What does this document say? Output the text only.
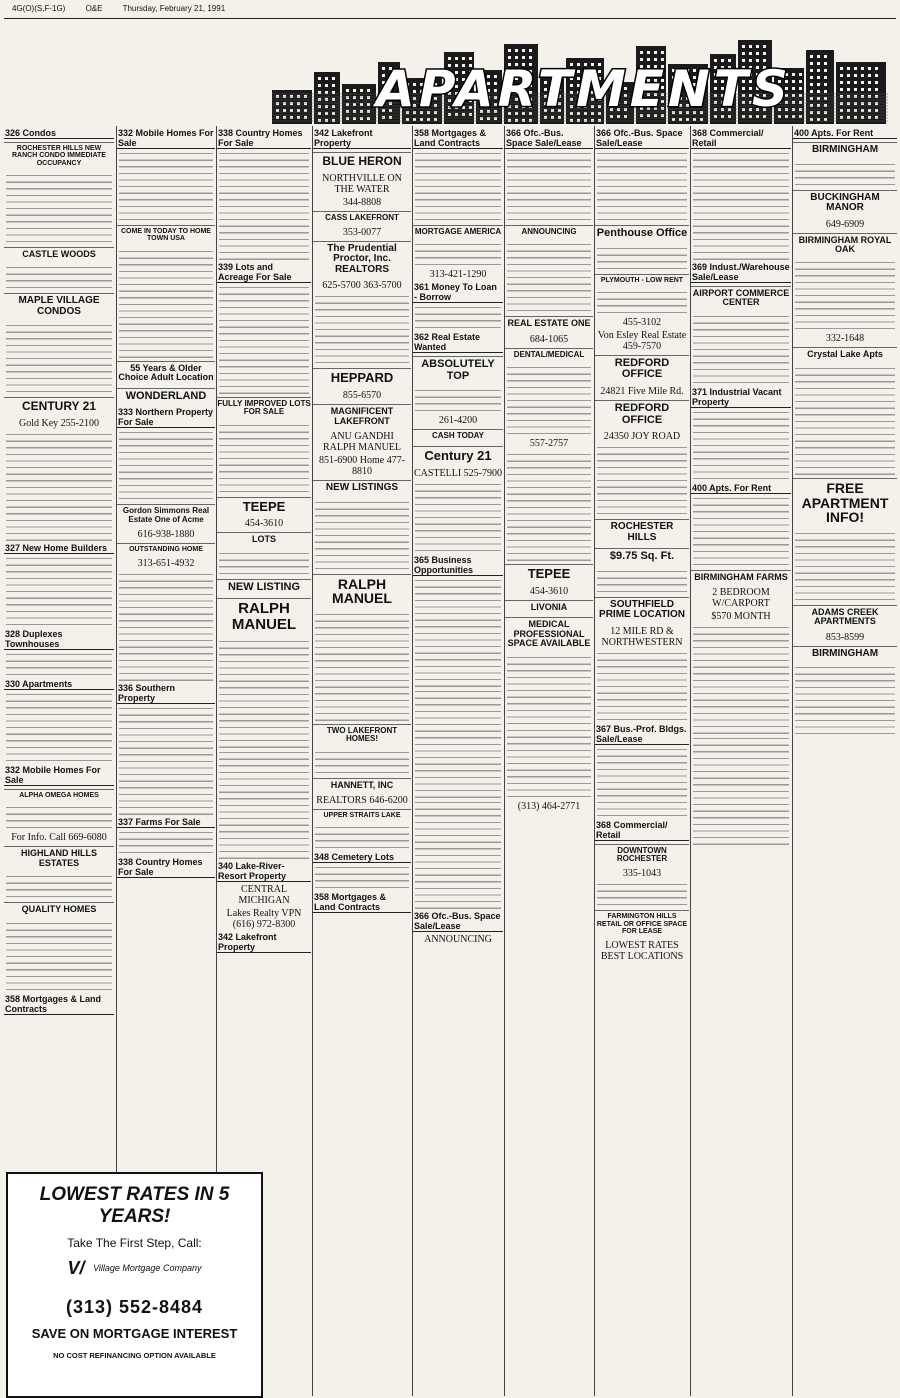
4G(O)(S,F-1G)	O&E	Thursday, February 21, 1991
APARTMENTS
326 Condos
ROCHESTER HILLS NEW RANCH CONDO IMMEDIATE OCCUPANCY
CASTLE WOODS
MAPLE VILLAGE CONDOS
CENTURY 21
Gold Key 255-2100
327 New Home Builders
328 Duplexes Townhouses
330 Apartments
332 Mobile Homes For Sale
ALPHA OMEGA HOMES
For Info. Call 669-6080
HIGHLAND HILLS ESTATES
QUALITY HOMES
358 Mortgages & Land Contracts
332 Mobile Homes For Sale
COME IN TODAY TO HOME TOWN USA
55 Years & Older Choice Adult Location
WONDERLAND
333 Northern Property For Sale
Gordon Simmons Real Estate One of Acme
616-938-1880
OUTSTANDING HOME
313-651-4932
336 Southern Property
337 Farms For Sale
338 Country Homes For Sale
338 Country Homes For Sale
339 Lots and Acreage For Sale
FULLY IMPROVED LOTS FOR SALE
TEEPE
454-3610
LOTS
NEW LISTING
RALPH MANUEL
340 Lake-River-Resort Property
CENTRAL MICHIGAN
Lakes Realty VPN (616) 972-8300
342 Lakefront Property
342 Lakefront Property
BLUE HERON
NORTHVILLE ON THE WATER
344-8808
CASS LAKEFRONT
353-0077
The Prudential Proctor, Inc. REALTORS
625-5700 363-5700
HEPPARD
855-6570
MAGNIFICENT LAKEFRONT
ANU GANDHI RALPH MANUEL
851-6900 Home 477-8810
NEW LISTINGS
RALPH MANUEL
TWO LAKEFRONT HOMES!
HANNETT, INC
REALTORS 646-6200
UPPER STRAITS LAKE
348 Cemetery Lots
358 Mortgages & Land Contracts
358 Mortgages & Land Contracts
MORTGAGE AMERICA
313-421-1290
361 Money To Loan - Borrow
362 Real Estate Wanted
ABSOLUTELY TOP
261-4200
CASH TODAY
Century 21
CASTELLI 525-7900
365 Business Opportunities
366 Ofc.-Bus. Space Sale/Lease
ANNOUNCING
366 Ofc.-Bus. Space Sale/Lease
ANNOUNCING
REAL ESTATE ONE
684-1065
DENTAL/MEDICAL
557-2757
TEPEE
454-3610
LIVONIA
MEDICAL PROFESSIONAL SPACE AVAILABLE
(313) 464-2771
366 Ofc.-Bus. Space Sale/Lease
Penthouse Office
PLYMOUTH - LOW RENT
455-3102
Von Esley Real Estate 459-7570
REDFORD OFFICE
24821 Five Mile Rd.
REDFORD OFFICE
24350 JOY ROAD
ROCHESTER HILLS
$9.75 Sq. Ft.
SOUTHFIELD PRIME LOCATION
12 MILE RD & NORTHWESTERN
367 Bus.-Prof. Bldgs. Sale/Lease
368 Commercial/ Retail
DOWNTOWN ROCHESTER
335-1043
FARMINGTON HILLS RETAIL OR OFFICE SPACE FOR LEASE
LOWEST RATES BEST LOCATIONS
368 Commercial/ Retail
369 Indust./Warehouse Sale/Lease
AIRPORT COMMERCE CENTER
371 Industrial Vacant Property
400 Apts. For Rent
BIRMINGHAM FARMS
2 BEDROOM W/CARPORT
$570 MONTH
400 Apts. For Rent
BIRMINGHAM
BUCKINGHAM MANOR
649-6909
BIRMINGHAM ROYAL OAK
332-1648
Crystal Lake Apts
FREE APARTMENT INFO!
ADAMS CREEK APARTMENTS
853-8599
BIRMINGHAM
LOWEST RATES IN 5 YEARS!
Take The First Step, Call:
V/ Village Mortgage Company
(313) 552-8484
SAVE ON MORTGAGE INTEREST
NO COST REFINANCING OPTION AVAILABLE
